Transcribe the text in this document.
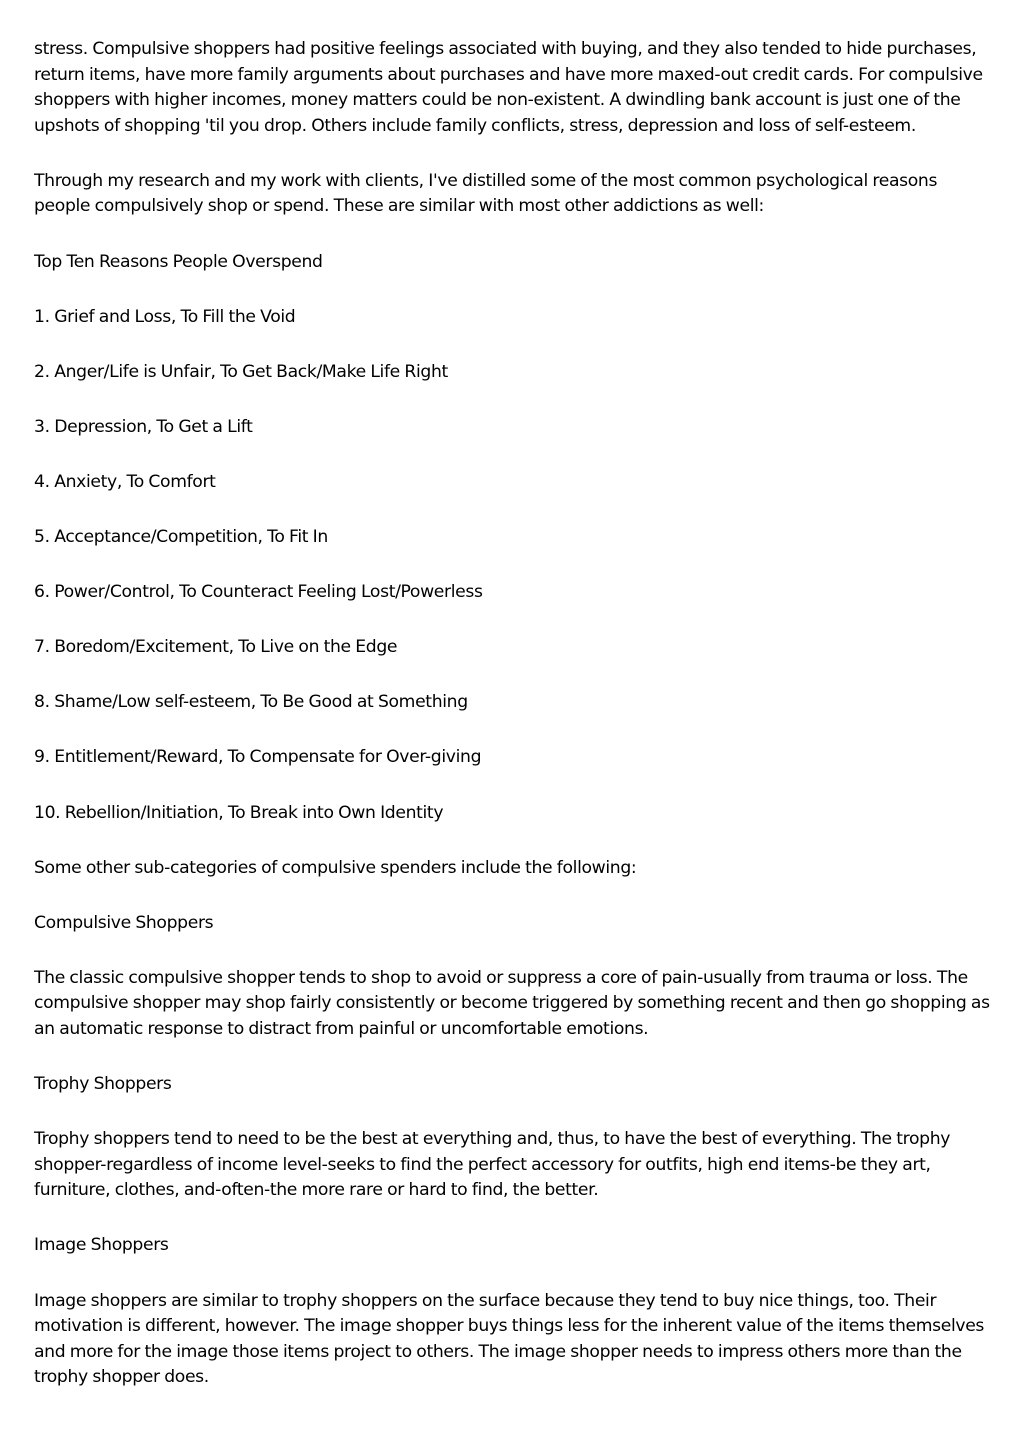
stress. Compulsive shoppers had positive feelings associated with buying, and they also tended to hide purchases, return items, have more family arguments about purchases and have more maxed-out credit cards. For compulsive shoppers with higher incomes, money matters could be non-existent. A dwindling bank account is just one of the upshots of shopping 'til you drop. Others include family conflicts, stress, depression and loss of self-esteem.

Through my research and my work with clients, I've distilled some of the most common psychological reasons people compulsively shop or spend. These are similar with most other addictions as well:

Top Ten Reasons People Overspend

1. Grief and Loss, To Fill the Void

2. Anger/Life is Unfair, To Get Back/Make Life Right

3. Depression, To Get a Lift

4. Anxiety, To Comfort

5. Acceptance/Competition, To Fit In

6. Power/Control, To Counteract Feeling Lost/Powerless

7. Boredom/Excitement, To Live on the Edge

8. Shame/Low self-esteem, To Be Good at Something

9. Entitlement/Reward, To Compensate for Over-giving

10. Rebellion/Initiation, To Break into Own Identity

Some other sub-categories of compulsive spenders include the following:

Compulsive Shoppers

The classic compulsive shopper tends to shop to avoid or suppress a core of pain-usually from trauma or loss. The compulsive shopper may shop fairly consistently or become triggered by something recent and then go shopping as an automatic response to distract from painful or uncomfortable emotions.

Trophy Shoppers

Trophy shoppers tend to need to be the best at everything and, thus, to have the best of everything. The trophy shopper-regardless of income level-seeks to find the perfect accessory for outfits, high end items-be they art, furniture, clothes, and-often-the more rare or hard to find, the better.

Image Shoppers

Image shoppers are similar to trophy shoppers on the surface because they tend to buy nice things, too. Their motivation is different, however. The image shopper buys things less for the inherent value of the items themselves and more for the image those items project to others. The image shopper needs to impress others more than the trophy shopper does.
